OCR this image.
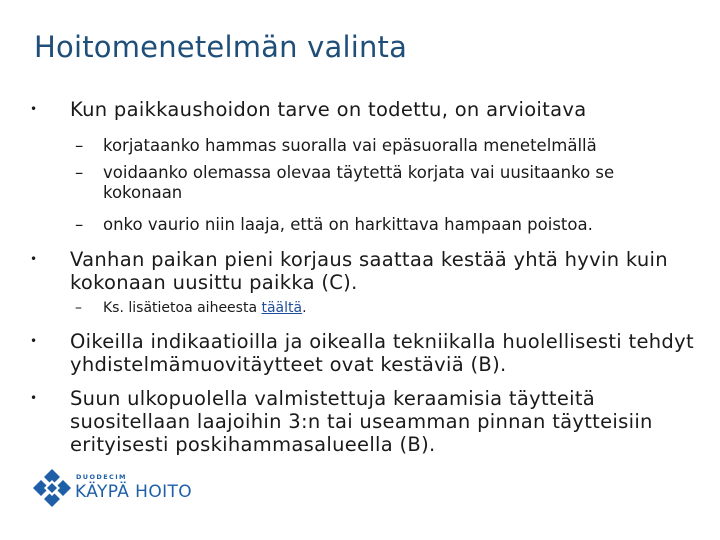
Hoitomenetelmän valinta
• Kun paikkaushoidon tarve on todettu, on arvioitava
– korjataanko hammas suoralla vai epäsuoralla menetelmällä
– voidaanko olemassa olevaa täytettä korjata vai uusitaanko se kokonaan
– onko vaurio niin laaja, että on harkittava hampaan poistoa.
• Vanhan paikan pieni korjaus saattaa kestää yhtä hyvin kuin kokonaan uusittu paikka (C).
– Ks. lisätietoa aiheesta täältä.
• Oikeilla indikaatioilla ja oikealla tekniikalla huolellisesti tehdyt yhdistelmämuovitäytteet ovat kestäviä (B).
• Suun ulkopuolella valmistettuja keraamisia täytteitä suositellaan laajoihin 3:n tai useamman pinnan täytteisiin erityisesti poskihammasalueella (B).
DUODECIM
KÄYPÄ HOITO
